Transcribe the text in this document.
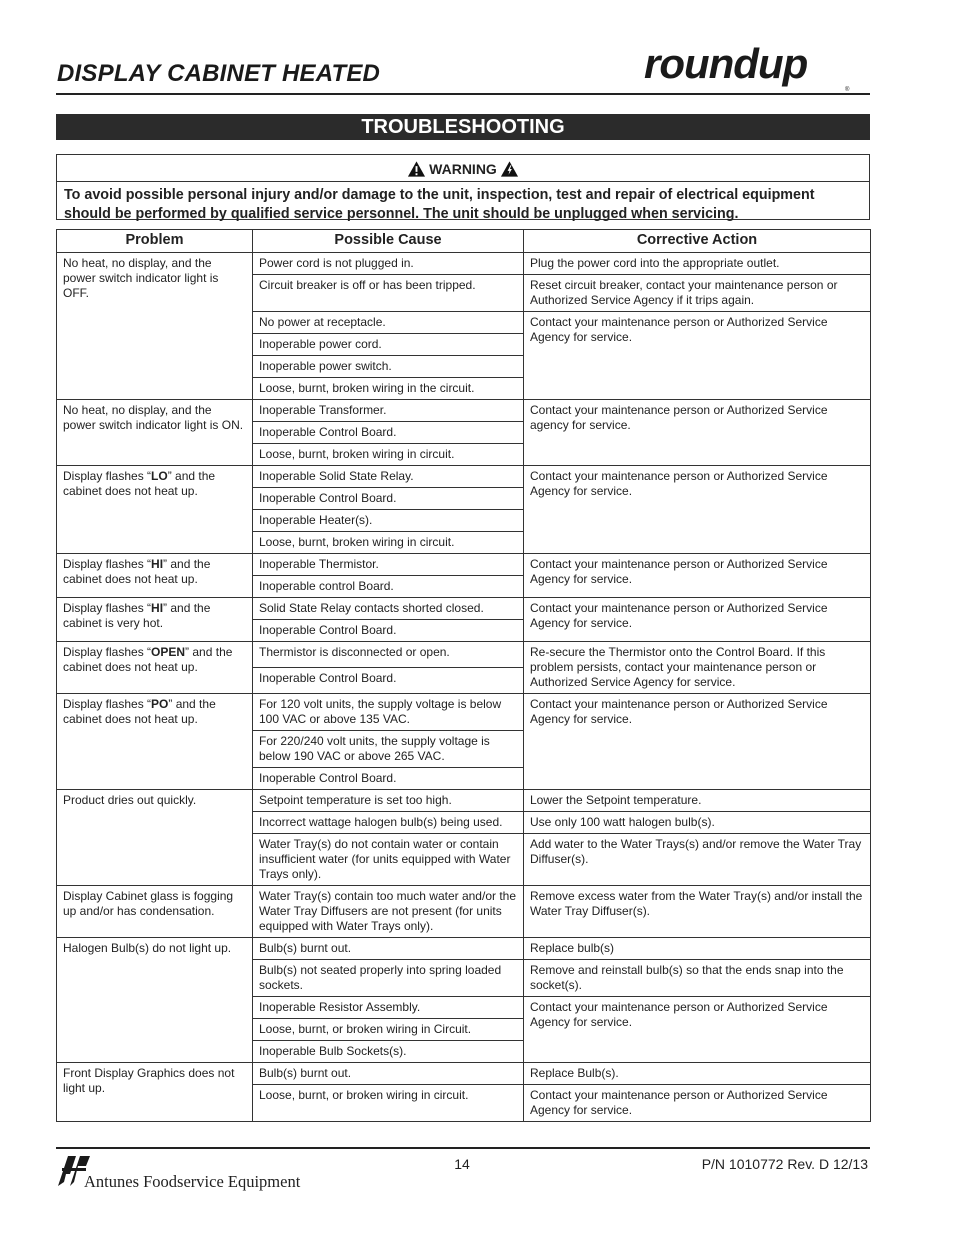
DISPLAY CABINET HEATED	roundup
®
TROUBLESHOOTING
WARNING
To avoid possible personal injury and/or damage to the unit, inspection, test and repair of electrical equipment should be performed by qualified service personnel. The unit should be unplugged when servicing.
Problem	Possible Cause	Corrective Action
No heat, no display, and the power switch indicator light is OFF.	Power cord is not plugged in.	Plug the power cord into the appropriate outlet.
	Circuit breaker is off or has been tripped.	Reset circuit breaker, contact your maintenance person or Authorized Service Agency if it trips again.
	No power at receptacle.	Contact your maintenance person or Authorized Service Agency for service.
	Inoperable power cord.	
	Inoperable power switch.	
	Loose, burnt, broken wiring in the circuit.	
No heat, no display, and the power switch indicator light is ON.	Inoperable Transformer.	Contact your maintenance person or Authorized Service agency for service.
	Inoperable Control Board.	
	Loose, burnt, broken wiring in circuit.	
Display flashes “LO” and the cabinet does not heat up.	Inoperable Solid State Relay.	Contact your maintenance person or Authorized Service Agency for service.
	Inoperable Control Board.	
	Inoperable Heater(s).	
	Loose, burnt, broken wiring in circuit.	
Display flashes “HI” and the cabinet does not heat up.	Inoperable Thermistor.	Contact your maintenance person or Authorized Service Agency for service.
	Inoperable control Board.	
Display flashes “HI” and the cabinet is very hot.	Solid State Relay contacts shorted closed.	Contact your maintenance person or Authorized Service Agency for service.
	Inoperable Control Board.	
Display flashes “OPEN” and the cabinet does not heat up.	Thermistor is disconnected or open.	Re-secure the Thermistor onto the Control Board. If this problem persists, contact your maintenance person or Authorized Service Agency for service.
	Inoperable Control Board.	
Display flashes “PO” and the cabinet does not heat up.	For 120 volt units, the supply voltage is below 100 VAC or above 135 VAC.	Contact your maintenance person or Authorized Service Agency for service.
	For 220/240 volt units, the supply voltage is below 190 VAC or above 265 VAC.	
	Inoperable Control Board.	
Product dries out quickly.	Setpoint temperature is set too high.	Lower the Setpoint temperature.
	Incorrect wattage halogen bulb(s) being used.	Use only 100 watt halogen bulb(s).
	Water Tray(s) do not contain water or contain insufficient water (for units equipped with Water Trays only).	Add water to the Water Trays(s) and/or remove the Water Tray Diffuser(s).
Display Cabinet glass is fogging up and/or has condensation.	Water Tray(s) contain too much water and/or the Water Tray Diffusers are not present (for units equipped with Water Trays only).	Remove excess water from the Water Tray(s) and/or install the Water Tray Diffuser(s).
Halogen Bulb(s) do not light up.	Bulb(s) burnt out.	Replace bulb(s)
	Bulb(s) not seated properly into spring loaded sockets.	Remove and reinstall bulb(s) so that the ends snap into the socket(s).
	Inoperable Resistor Assembly.	Contact your maintenance person or Authorized Service Agency for service.
	Loose, burnt, or broken wiring in Circuit.	
	Inoperable Bulb Sockets(s).	
Front Display Graphics does not light up.	Bulb(s) burnt out.	Replace Bulb(s).
	Loose, burnt, or broken wiring in circuit.	Contact your maintenance person or Authorized Service Agency for service.
Antunes Foodservice Equipment
14	P/N 1010772 Rev. D 12/13
